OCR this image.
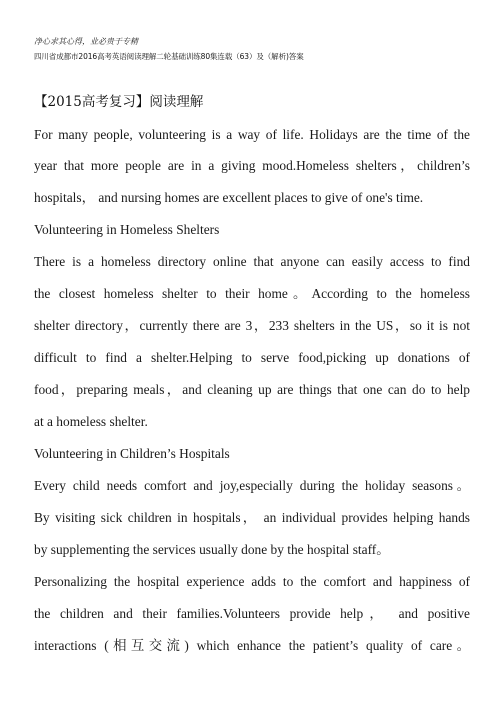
净心求其心得，业必贵于专精
四川省成都市2016高考英语阅读理解二轮基础训练80集连载（63）及（解析)答案
【2015高考复习】阅读理解
For many people, volunteering is a way of life. Holidays are the time of the
year that more people are in a giving mood.Homeless shelters，children’s
hospitals， and nursing homes are excellent places to give of one's time.
Volunteering in Homeless Shelters
There is a homeless directory online that anyone can easily access to find
the closest homeless shelter to their home。According to the homeless
shelter directory，currently there are 3，233 shelters in the US，so it is not
difficult to find a shelter.Helping to serve food,picking up donations of
food，preparing meals，and cleaning up are things that one can do to help
at a homeless shelter.
Volunteering in Children’s Hospitals
Every child needs comfort and joy,especially during the holiday seasons。
By visiting sick children in hospitals， an individual provides helping hands
by supplementing the services usually done by the hospital staff。
Personalizing the hospital experience adds to the comfort and happiness of
the children and their families.Volunteers provide help， and positive
interactions (相互交流) which enhance the patient’s quality of care。
